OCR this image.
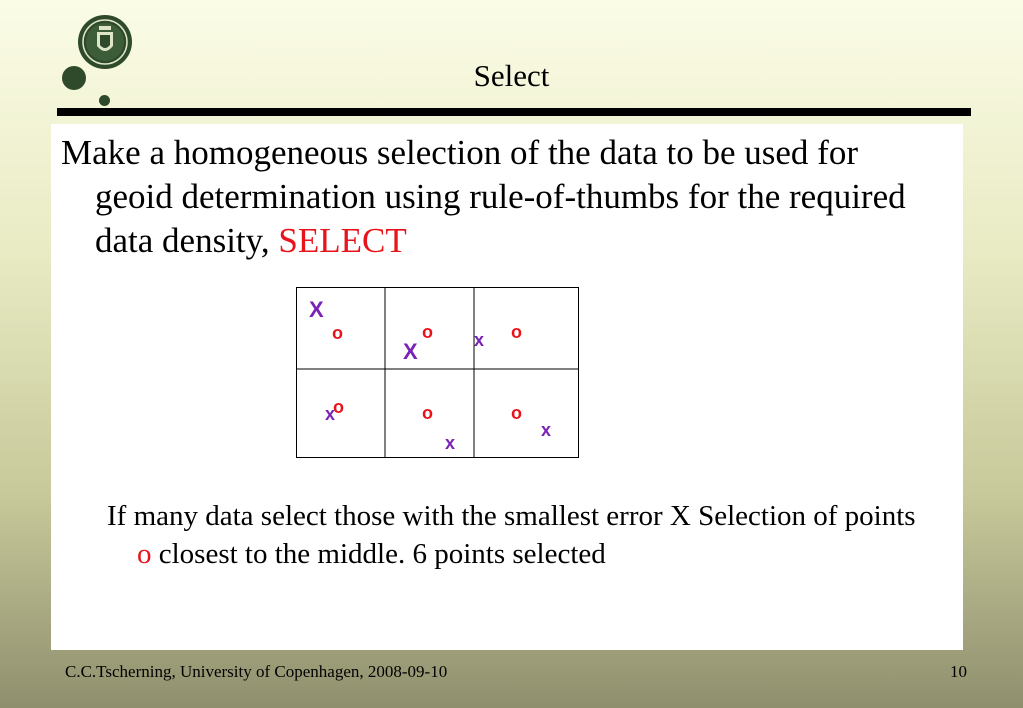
Select
Make a homogeneous selection of the data to be used for geoid determination using rule-of-thumbs for the required data density, SELECT
X
X	x
x
x
x
o	o	o
o	o	o
If many data select those with the smallest error X Selection of points o closest to the middle. 6 points selected
C.C.Tscherning, University of Copenhagen, 2008-09-10	10
